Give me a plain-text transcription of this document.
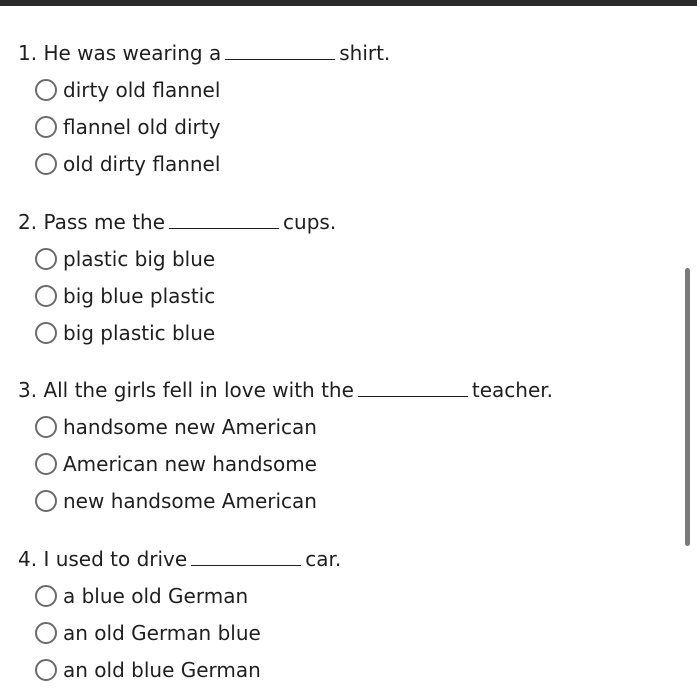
1. He was wearing a	shirt.
dirty old flannel
flannel old dirty
old dirty flannel
2. Pass me the	cups.
plastic big blue
big blue plastic
big plastic blue
3. All the girls fell in love with the	teacher.
handsome new American
American new handsome
new handsome American
4. I used to drive	car.
a blue old German
an old German blue
an old blue German
